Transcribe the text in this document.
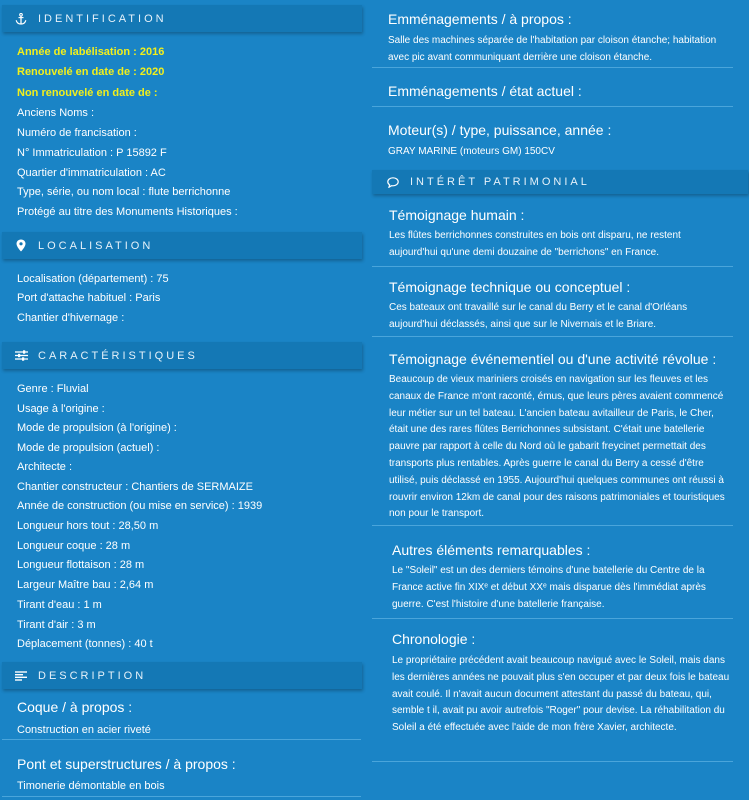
IDENTIFICATION
Année de labélisation : 2016
Renouvelé en date de : 2020
Non renouvelé en date de :
Anciens Noms :
Numéro de francisation :
N° Immatriculation : P 15892 F
Quartier d'immatriculation : AC
Type, série, ou nom local : flute berrichonne
Protégé au titre des Monuments Historiques :
LOCALISATION
Localisation (département) : 75
Port d'attache habituel : Paris
Chantier d'hivernage :
CARACTÉRISTIQUES
Genre : Fluvial
Usage à l'origine :
Mode de propulsion (à l'origine) :
Mode de propulsion (actuel) :
Architecte :
Chantier constructeur : Chantiers de SERMAIZE
Année de construction (ou mise en service) : 1939
Longueur hors tout : 28,50 m
Longueur coque : 28 m
Longueur flottaison : 28 m
Largeur Maître bau : 2,64 m
Tirant d'eau : 1 m
Tirant d'air : 3 m
Déplacement (tonnes) : 40 t
DESCRIPTION
Coque / à propos :
Construction en acier riveté
Pont et superstructures / à propos :
Timonerie démontable en bois
Emménagements / à propos :
Salle des machines séparée de l'habitation par cloison étanche; habitation avec pic avant communiquant derrière une cloison étanche.
Emménagements / état actuel :
Moteur(s) / type, puissance, année :
GRAY MARINE (moteurs GM) 150CV
INTÉRÊT PATRIMONIAL
Témoignage humain :
Les flûtes berrichonnes construites en bois ont disparu, ne restent aujourd'hui qu'une demi douzaine de "berrichons" en France.
Témoignage technique ou conceptuel :
Ces bateaux ont travaillé sur le canal du Berry et le canal d'Orléans aujourd'hui déclassés, ainsi que sur le Nivernais et le Briare.
Témoignage événementiel ou d'une activité révolue :
Beaucoup de vieux mariniers croisés en navigation sur les fleuves et les canaux de France m'ont raconté, émus, que leurs pères avaient commencé leur métier sur un tel bateau. L'ancien bateau avitailleur de Paris, le Cher, était une des rares flûtes Berrichonnes subsistant. C'était une batellerie pauvre par rapport à celle du Nord où le gabarit freycinet permettait des transports plus rentables. Après guerre le canal du Berry a cessé d'être utilisé, puis déclassé en 1955. Aujourd'hui quelques communes ont réussi à rouvrir environ 12km de canal pour des raisons patrimoniales et touristiques non pour le transport.
Autres éléments remarquables :
Le "Soleil" est un des derniers témoins d'une batellerie du Centre de la France active fin XIXᵉ et début XXᵉ mais disparue dès l'immédiat après guerre. C'est l'histoire d'une batellerie française.
Chronologie :
Le propriétaire précédent avait beaucoup navigué avec le Soleil, mais dans les dernières années ne pouvait plus s'en occuper et par deux fois le bateau avait coulé. Il n'avait aucun document attestant du passé du bateau, qui, semble t il, avait pu avoir autrefois "Roger" pour devise. La réhabilitation du Soleil a été effectuée avec l'aide de mon frère Xavier, architecte.
